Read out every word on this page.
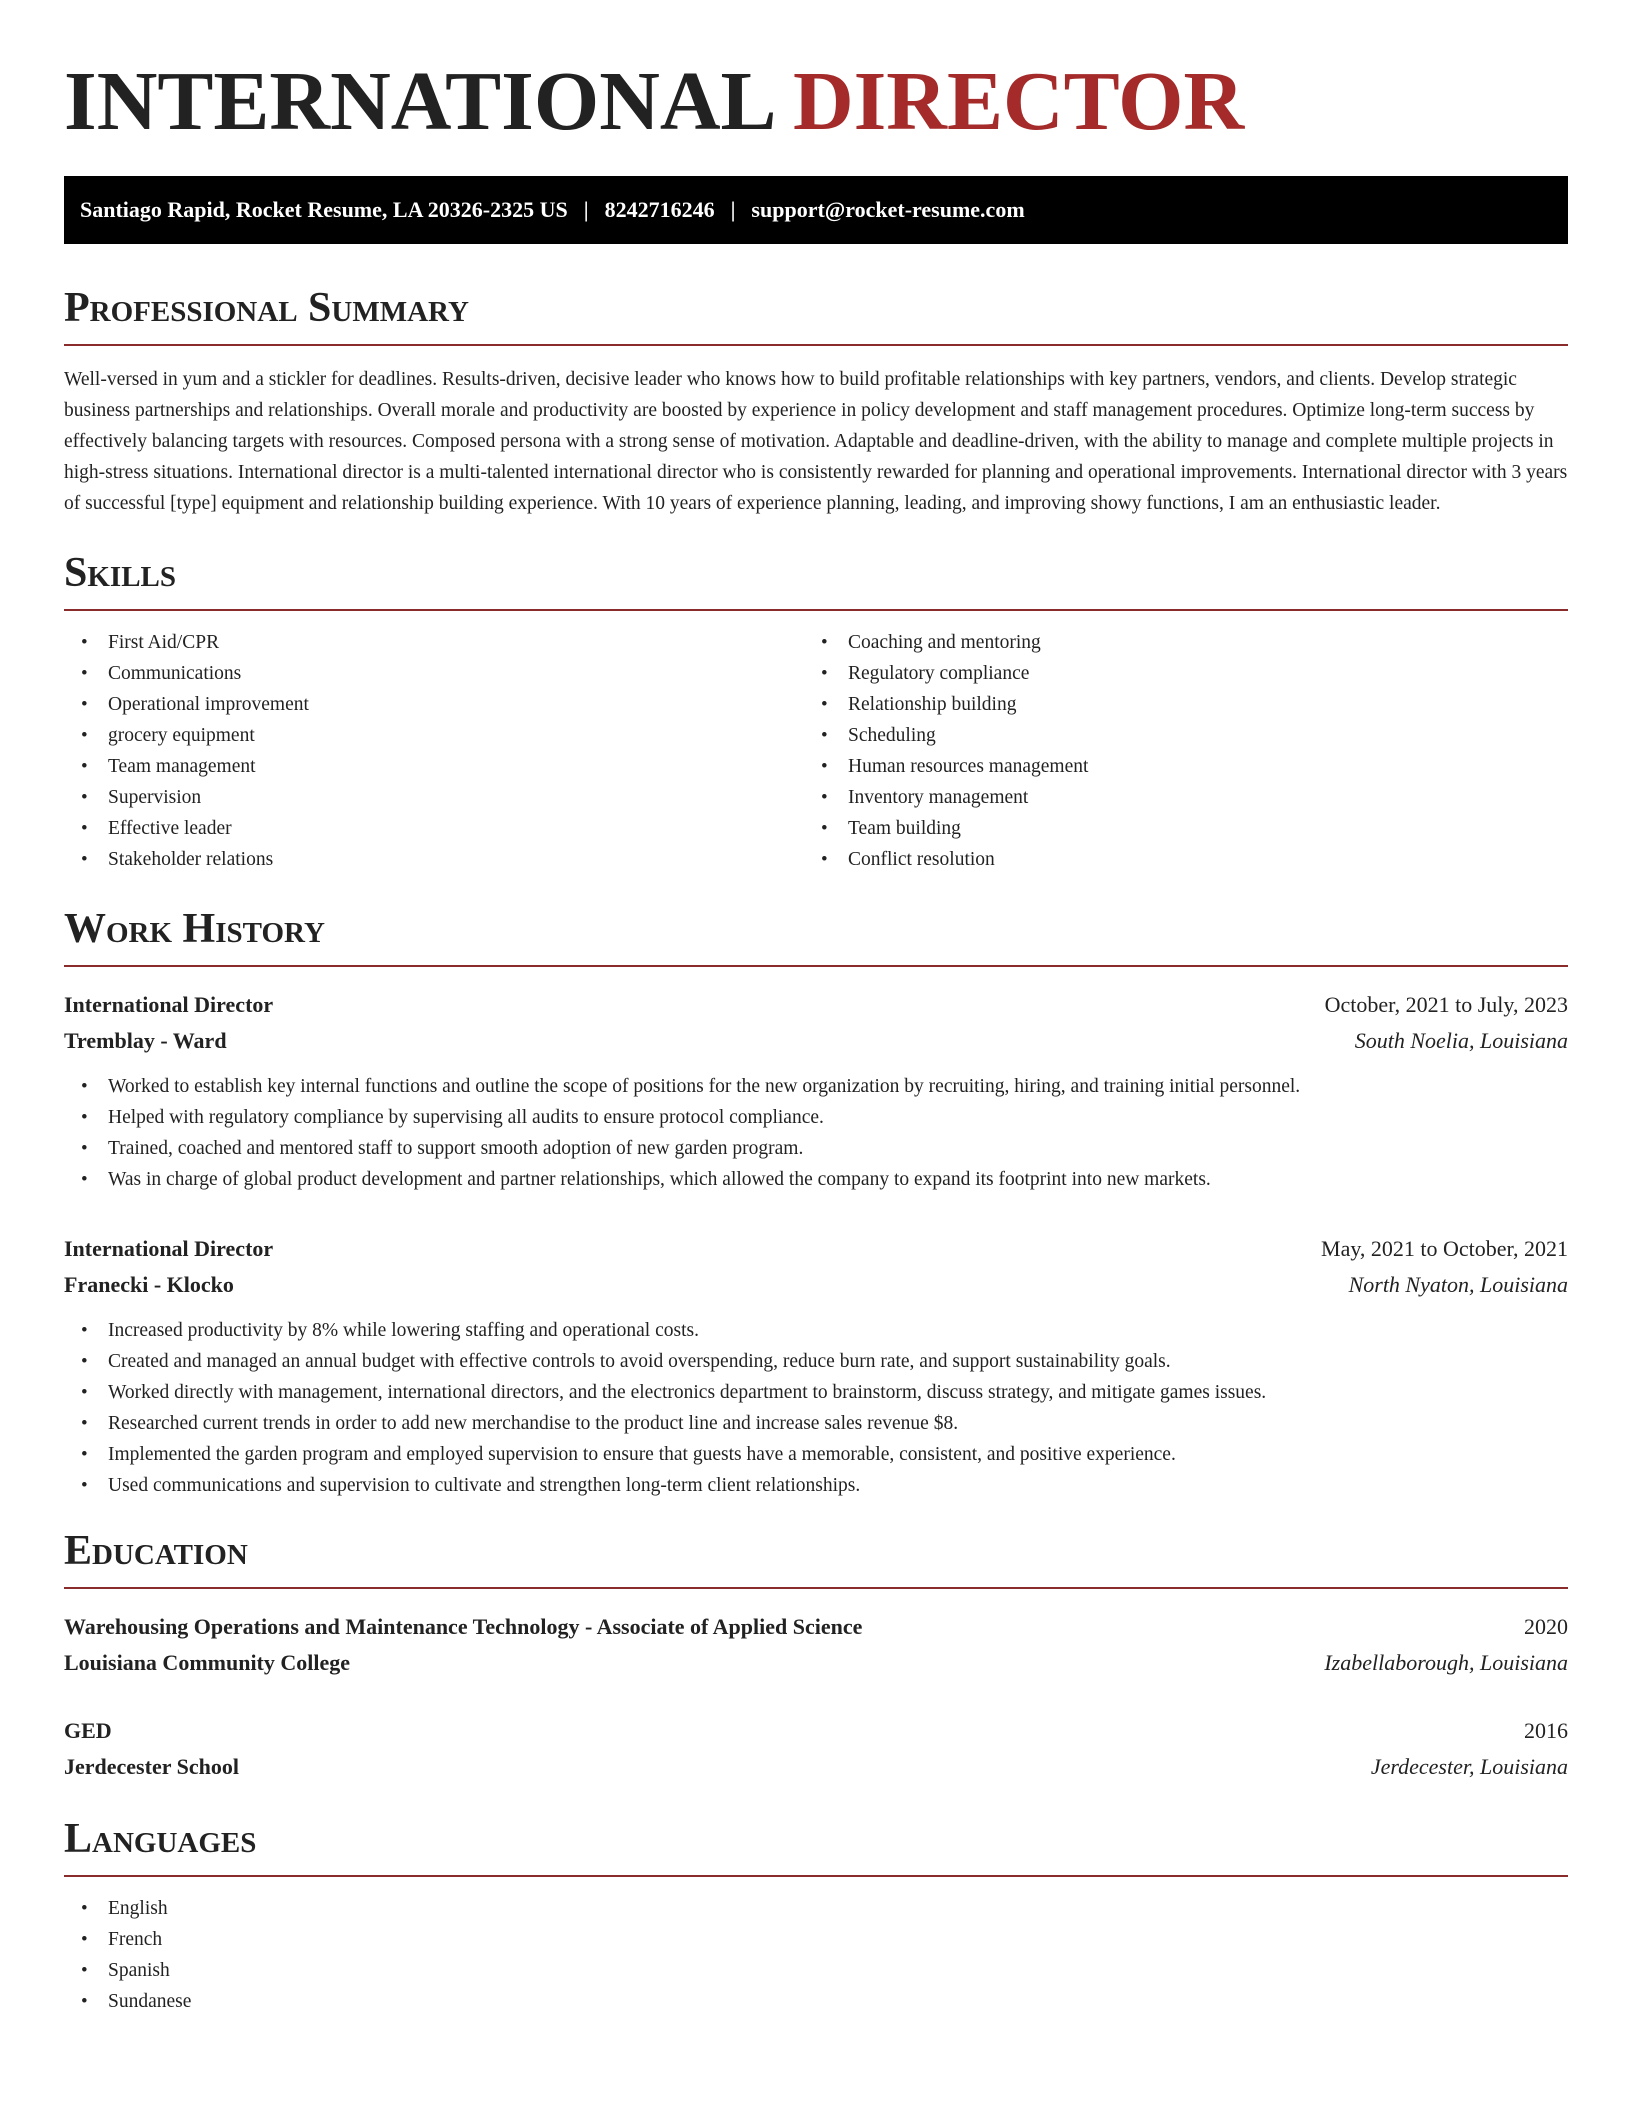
INTERNATIONAL DIRECTOR
Santiago Rapid, Rocket Resume, LA 20326-2325 US | 8242716246 | support@rocket-resume.com
Professional Summary

Well-versed in yum and a stickler for deadlines. Results-driven, decisive leader who knows how to build profitable relationships with key partners, vendors, and clients. Develop strategic business partnerships and relationships. Overall morale and productivity are boosted by experience in policy development and staff management procedures. Optimize long-term success by effectively balancing targets with resources. Composed persona with a strong sense of motivation. Adaptable and deadline-driven, with the ability to manage and complete multiple projects in high-stress situations. International director is a multi-talented international director who is consistently rewarded for planning and operational improvements. International director with 3 years of successful [type] equipment and relationship building experience. With 10 years of experience planning, leading, and improving showy functions, I am an enthusiastic leader.

Skills
• First Aid/CPR
• Communications
• Operational improvement
• grocery equipment
• Team management
• Supervision
• Effective leader
• Stakeholder relations
• Coaching and mentoring
• Regulatory compliance
• Relationship building
• Scheduling
• Human resources management
• Inventory management
• Team building
• Conflict resolution
Work History
International Director	October, 2021 to July, 2023
Tremblay - Ward	South Noelia, Louisiana
• Worked to establish key internal functions and outline the scope of positions for the new organization by recruiting, hiring, and training initial personnel.
• Helped with regulatory compliance by supervising all audits to ensure protocol compliance.
• Trained, coached and mentored staff to support smooth adoption of new garden program.
• Was in charge of global product development and partner relationships, which allowed the company to expand its footprint into new markets.
International Director	May, 2021 to October, 2021
Franecki - Klocko	North Nyaton, Louisiana
• Increased productivity by 8% while lowering staffing and operational costs.
• Created and managed an annual budget with effective controls to avoid overspending, reduce burn rate, and support sustainability goals.
• Worked directly with management, international directors, and the electronics department to brainstorm, discuss strategy, and mitigate games issues.
• Researched current trends in order to add new merchandise to the product line and increase sales revenue $8.
• Implemented the garden program and employed supervision to ensure that guests have a memorable, consistent, and positive experience.
• Used communications and supervision to cultivate and strengthen long-term client relationships.
Education
Warehousing Operations and Maintenance Technology - Associate of Applied Science	2020
Louisiana Community College	Izabellaborough, Louisiana
GED	2016
Jerdecester School	Jerdecester, Louisiana
Languages
• English
• French
• Spanish
• Sundanese
